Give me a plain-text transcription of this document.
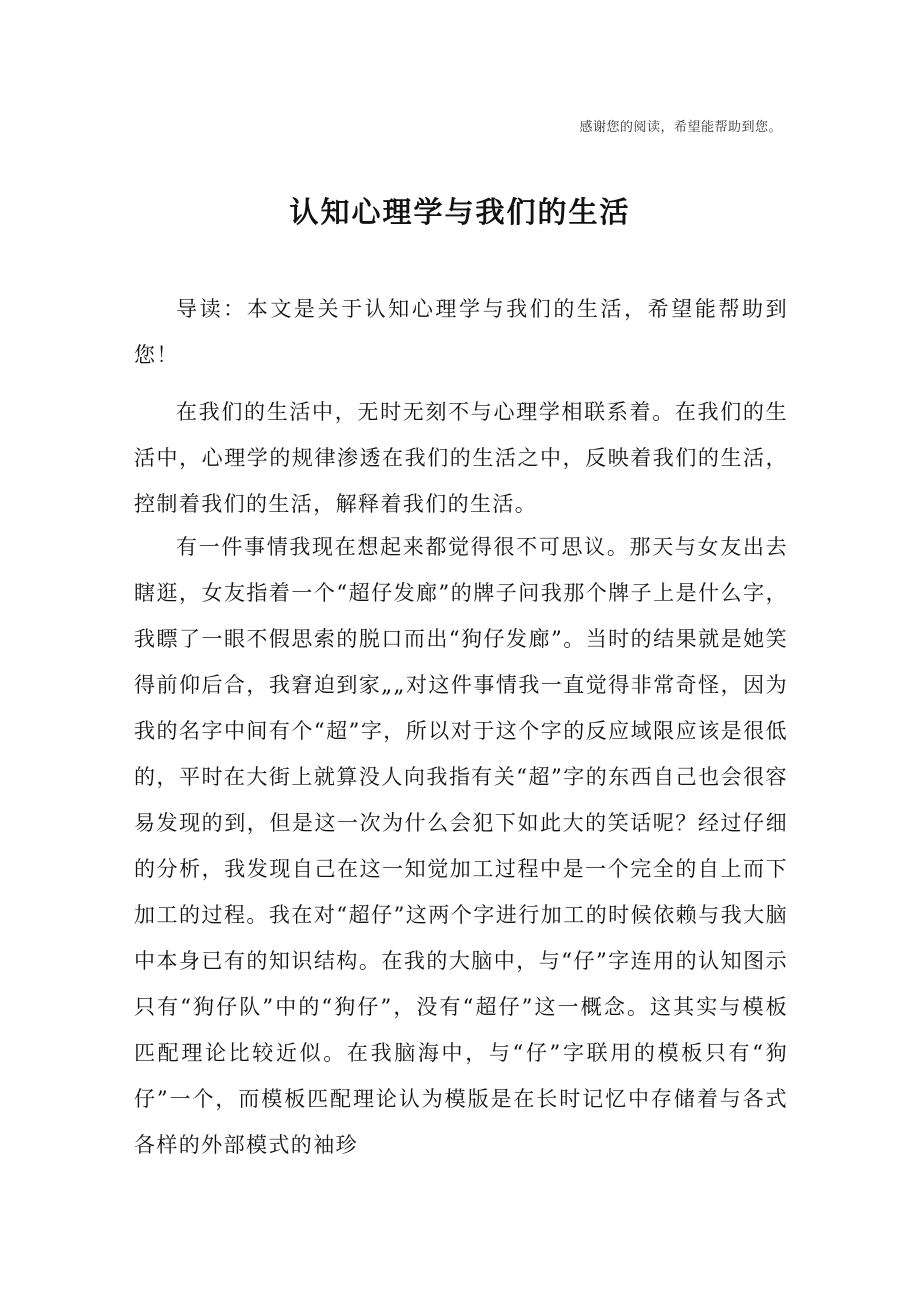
感谢您的阅读，希望能帮助到您。
认知心理学与我们的生活

导读：本文是关于认知心理学与我们的生活，希望能帮助到您！

在我们的生活中，无时无刻不与心理学相联系着。在我们的生活中，心理学的规律渗透在我们的生活之中，反映着我们的生活，控制着我们的生活，解释着我们的生活。

有一件事情我现在想起来都觉得很不可思议。那天与女友出去瞎逛，女友指着一个“超仔发廊”的牌子问我那个牌子上是什么字，我瞟了一眼不假思索的脱口而出“狗仔发廊”。当时的结果就是她笑得前仰后合，我窘迫到家„„对这件事情我一直觉得非常奇怪，因为我的名字中间有个“超”字，所以对于这个字的反应域限应该是很低的，平时在大街上就算没人向我指有关“超”字的东西自己也会很容易发现的到，但是这一次为什么会犯下如此大的笑话呢？经过仔细的分析，我发现自己在这一知觉加工过程中是一个完全的自上而下加工的过程。我在对“超仔”这两个字进行加工的时候依赖与我大脑中本身已有的知识结构。在我的大脑中，与“仔”字连用的认知图示只有“狗仔队”中的“狗仔”，没有“超仔”这一概念。这其实与模板匹配理论比较近似。在我脑海中，与“仔”字联用的模板只有“狗仔”一个，而模板匹配理论认为模版是在长时记忆中存储着与各式各样的外部模式的袖珍
